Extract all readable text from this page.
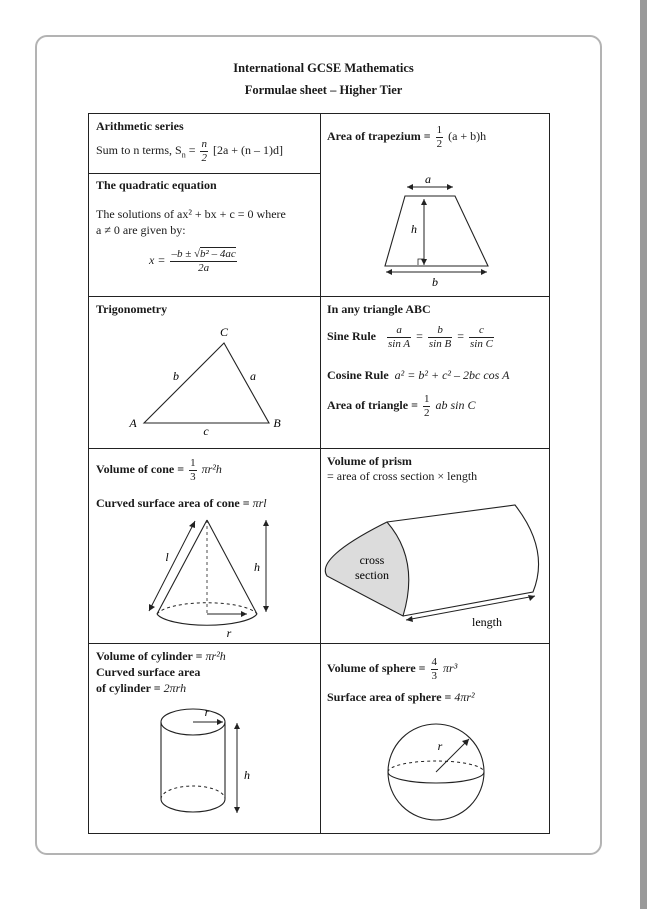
International GCSE Mathematics
Formulae sheet – Higher Tier
Arithmetic series
Sum to n terms, $S_n = \frac{n}{2} [2a + (n - 1)d]$
Area of trapezium = $\frac{1}{2} (a + b)h$
a
h
b
The quadratic equation
The solutions of ax² + bx + c = 0 where
a ≠ 0 are given by:
$x = \frac{\text{–b ± √b² – 4ac}}{2a}$
Trigonometry
C
A	B
b	a
c
In any triangle ABC
Sine Rule $\frac{a}{\text{sin A}} = \frac{b}{\text{sin B}} = \frac{c}{\text{sin C}}$
Cosine Rule a² = b² + c² – 2bc cos A
Area of triangle = $\frac{1}{2}$ ab sin C
Volume of cone = $\frac{1}{3} \pi r^2h$
Curved surface area of cone = πrl
r
l
h
Volume of prism
= area of cross section × length
cross
section
length
Volume of cylinder = πr²h
Curved surface area
of cylinder = 2πrh
r
h
Volume of sphere = $\frac{4}{3} \pi r^3$
Surface area of sphere = 4πr²
r
